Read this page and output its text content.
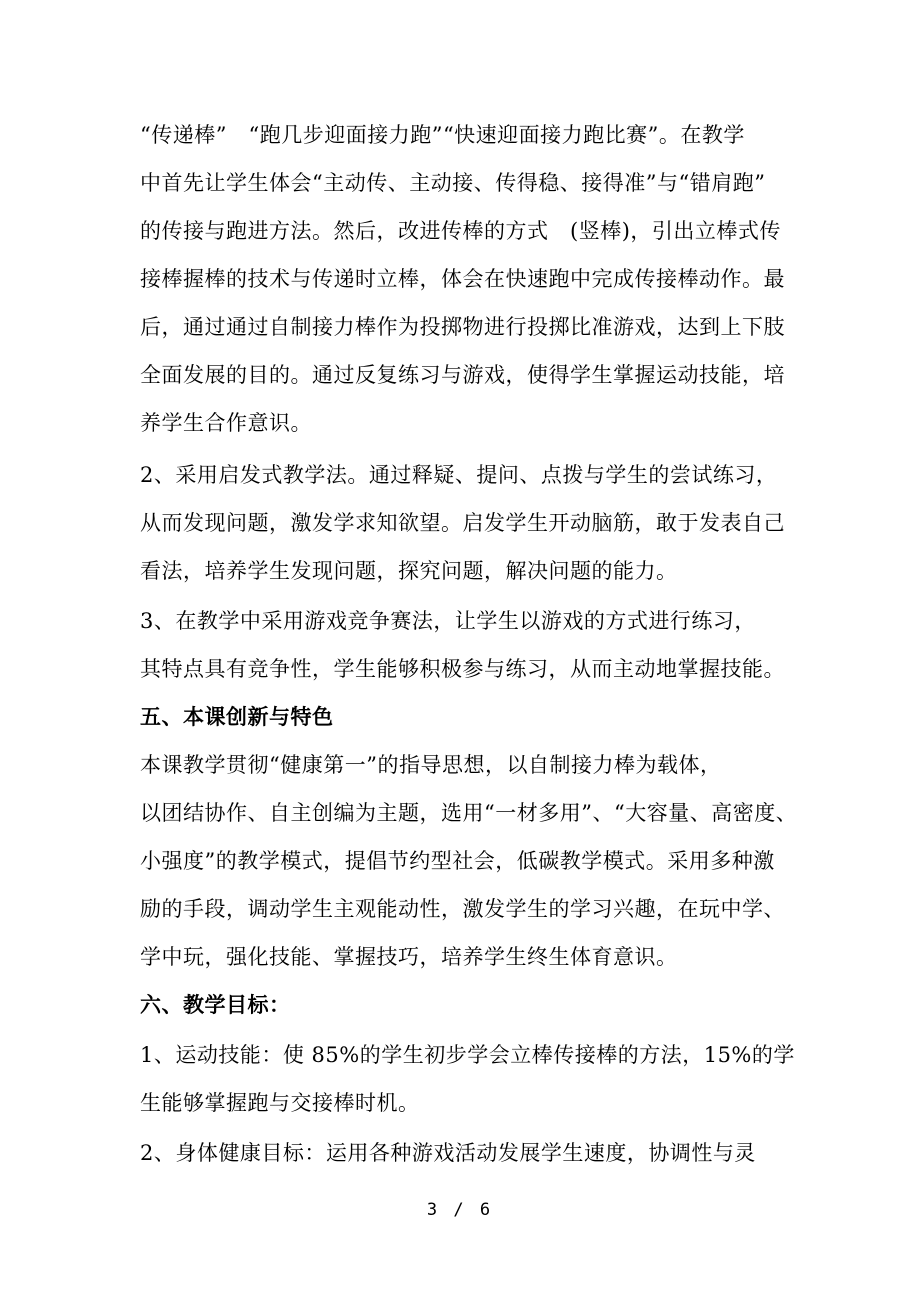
“传递棒”　“跑几步迎面接力跑”“快速迎面接力跑比赛”。在教学
中首先让学生体会“主动传、主动接、传得稳、接得准”与“错肩跑”
的传接与跑进方法。然后，改进传棒的方式　(竖棒)，引出立棒式传
接棒握棒的技术与传递时立棒，体会在快速跑中完成传接棒动作。最
后，通过通过自制接力棒作为投掷物进行投掷比准游戏，达到上下肢
全面发展的目的。通过反复练习与游戏，使得学生掌握运动技能，培
养学生合作意识。
2、采用启发式教学法。通过释疑、提问、点拨与学生的尝试练习，
从而发现问题，激发学求知欲望。启发学生开动脑筋，敢于发表自己
看法，培养学生发现问题，探究问题，解决问题的能力。
3、在教学中采用游戏竞争赛法，让学生以游戏的方式进行练习，
其特点具有竞争性，学生能够积极参与练习，从而主动地掌握技能。
五、本课创新与特色
本课教学贯彻“健康第一”的指导思想，以自制接力棒为载体，
以团结协作、自主创编为主题，选用“一材多用”、“大容量、高密度、
小强度”的教学模式，提倡节约型社会，低碳教学模式。采用多种激
励的手段，调动学生主观能动性，激发学生的学习兴趣，在玩中学、
学中玩，强化技能、掌握技巧，培养学生终生体育意识。
六、教学目标：
1、运动技能：使 85%的学生初步学会立棒传接棒的方法，15%的学
生能够掌握跑与交接棒时机。
2、身体健康目标：运用各种游戏活动发展学生速度，协调性与灵
3 / 6
